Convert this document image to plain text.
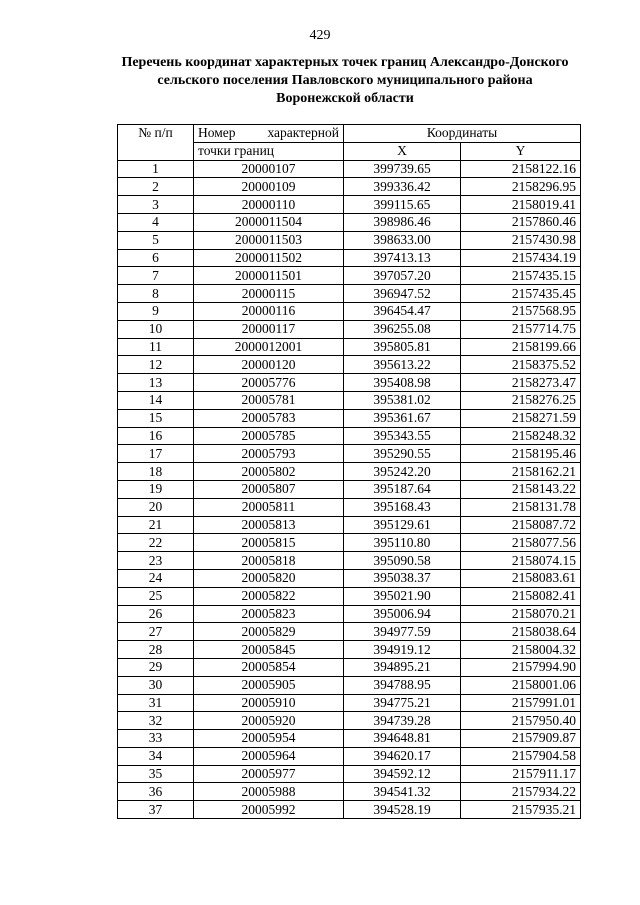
429
Перечень координат характерных точек границ Александро-Донского
сельского поселения Павловского муниципального района
Воронежской области
№ п/п	Номер характерной	Координаты	
	точки границ	X	Y
1	20000107	399739.65	2158122.16
2	20000109	399336.42	2158296.95
3	20000110	399115.65	2158019.41
4	2000011504	398986.46	2157860.46
5	2000011503	398633.00	2157430.98
6	2000011502	397413.13	2157434.19
7	2000011501	397057.20	2157435.15
8	20000115	396947.52	2157435.45
9	20000116	396454.47	2157568.95
10	20000117	396255.08	2157714.75
11	2000012001	395805.81	2158199.66
12	20000120	395613.22	2158375.52
13	20005776	395408.98	2158273.47
14	20005781	395381.02	2158276.25
15	20005783	395361.67	2158271.59
16	20005785	395343.55	2158248.32
17	20005793	395290.55	2158195.46
18	20005802	395242.20	2158162.21
19	20005807	395187.64	2158143.22
20	20005811	395168.43	2158131.78
21	20005813	395129.61	2158087.72
22	20005815	395110.80	2158077.56
23	20005818	395090.58	2158074.15
24	20005820	395038.37	2158083.61
25	20005822	395021.90	2158082.41
26	20005823	395006.94	2158070.21
27	20005829	394977.59	2158038.64
28	20005845	394919.12	2158004.32
29	20005854	394895.21	2157994.90
30	20005905	394788.95	2158001.06
31	20005910	394775.21	2157991.01
32	20005920	394739.28	2157950.40
33	20005954	394648.81	2157909.87
34	20005964	394620.17	2157904.58
35	20005977	394592.12	2157911.17
36	20005988	394541.32	2157934.22
37	20005992	394528.19	2157935.21
